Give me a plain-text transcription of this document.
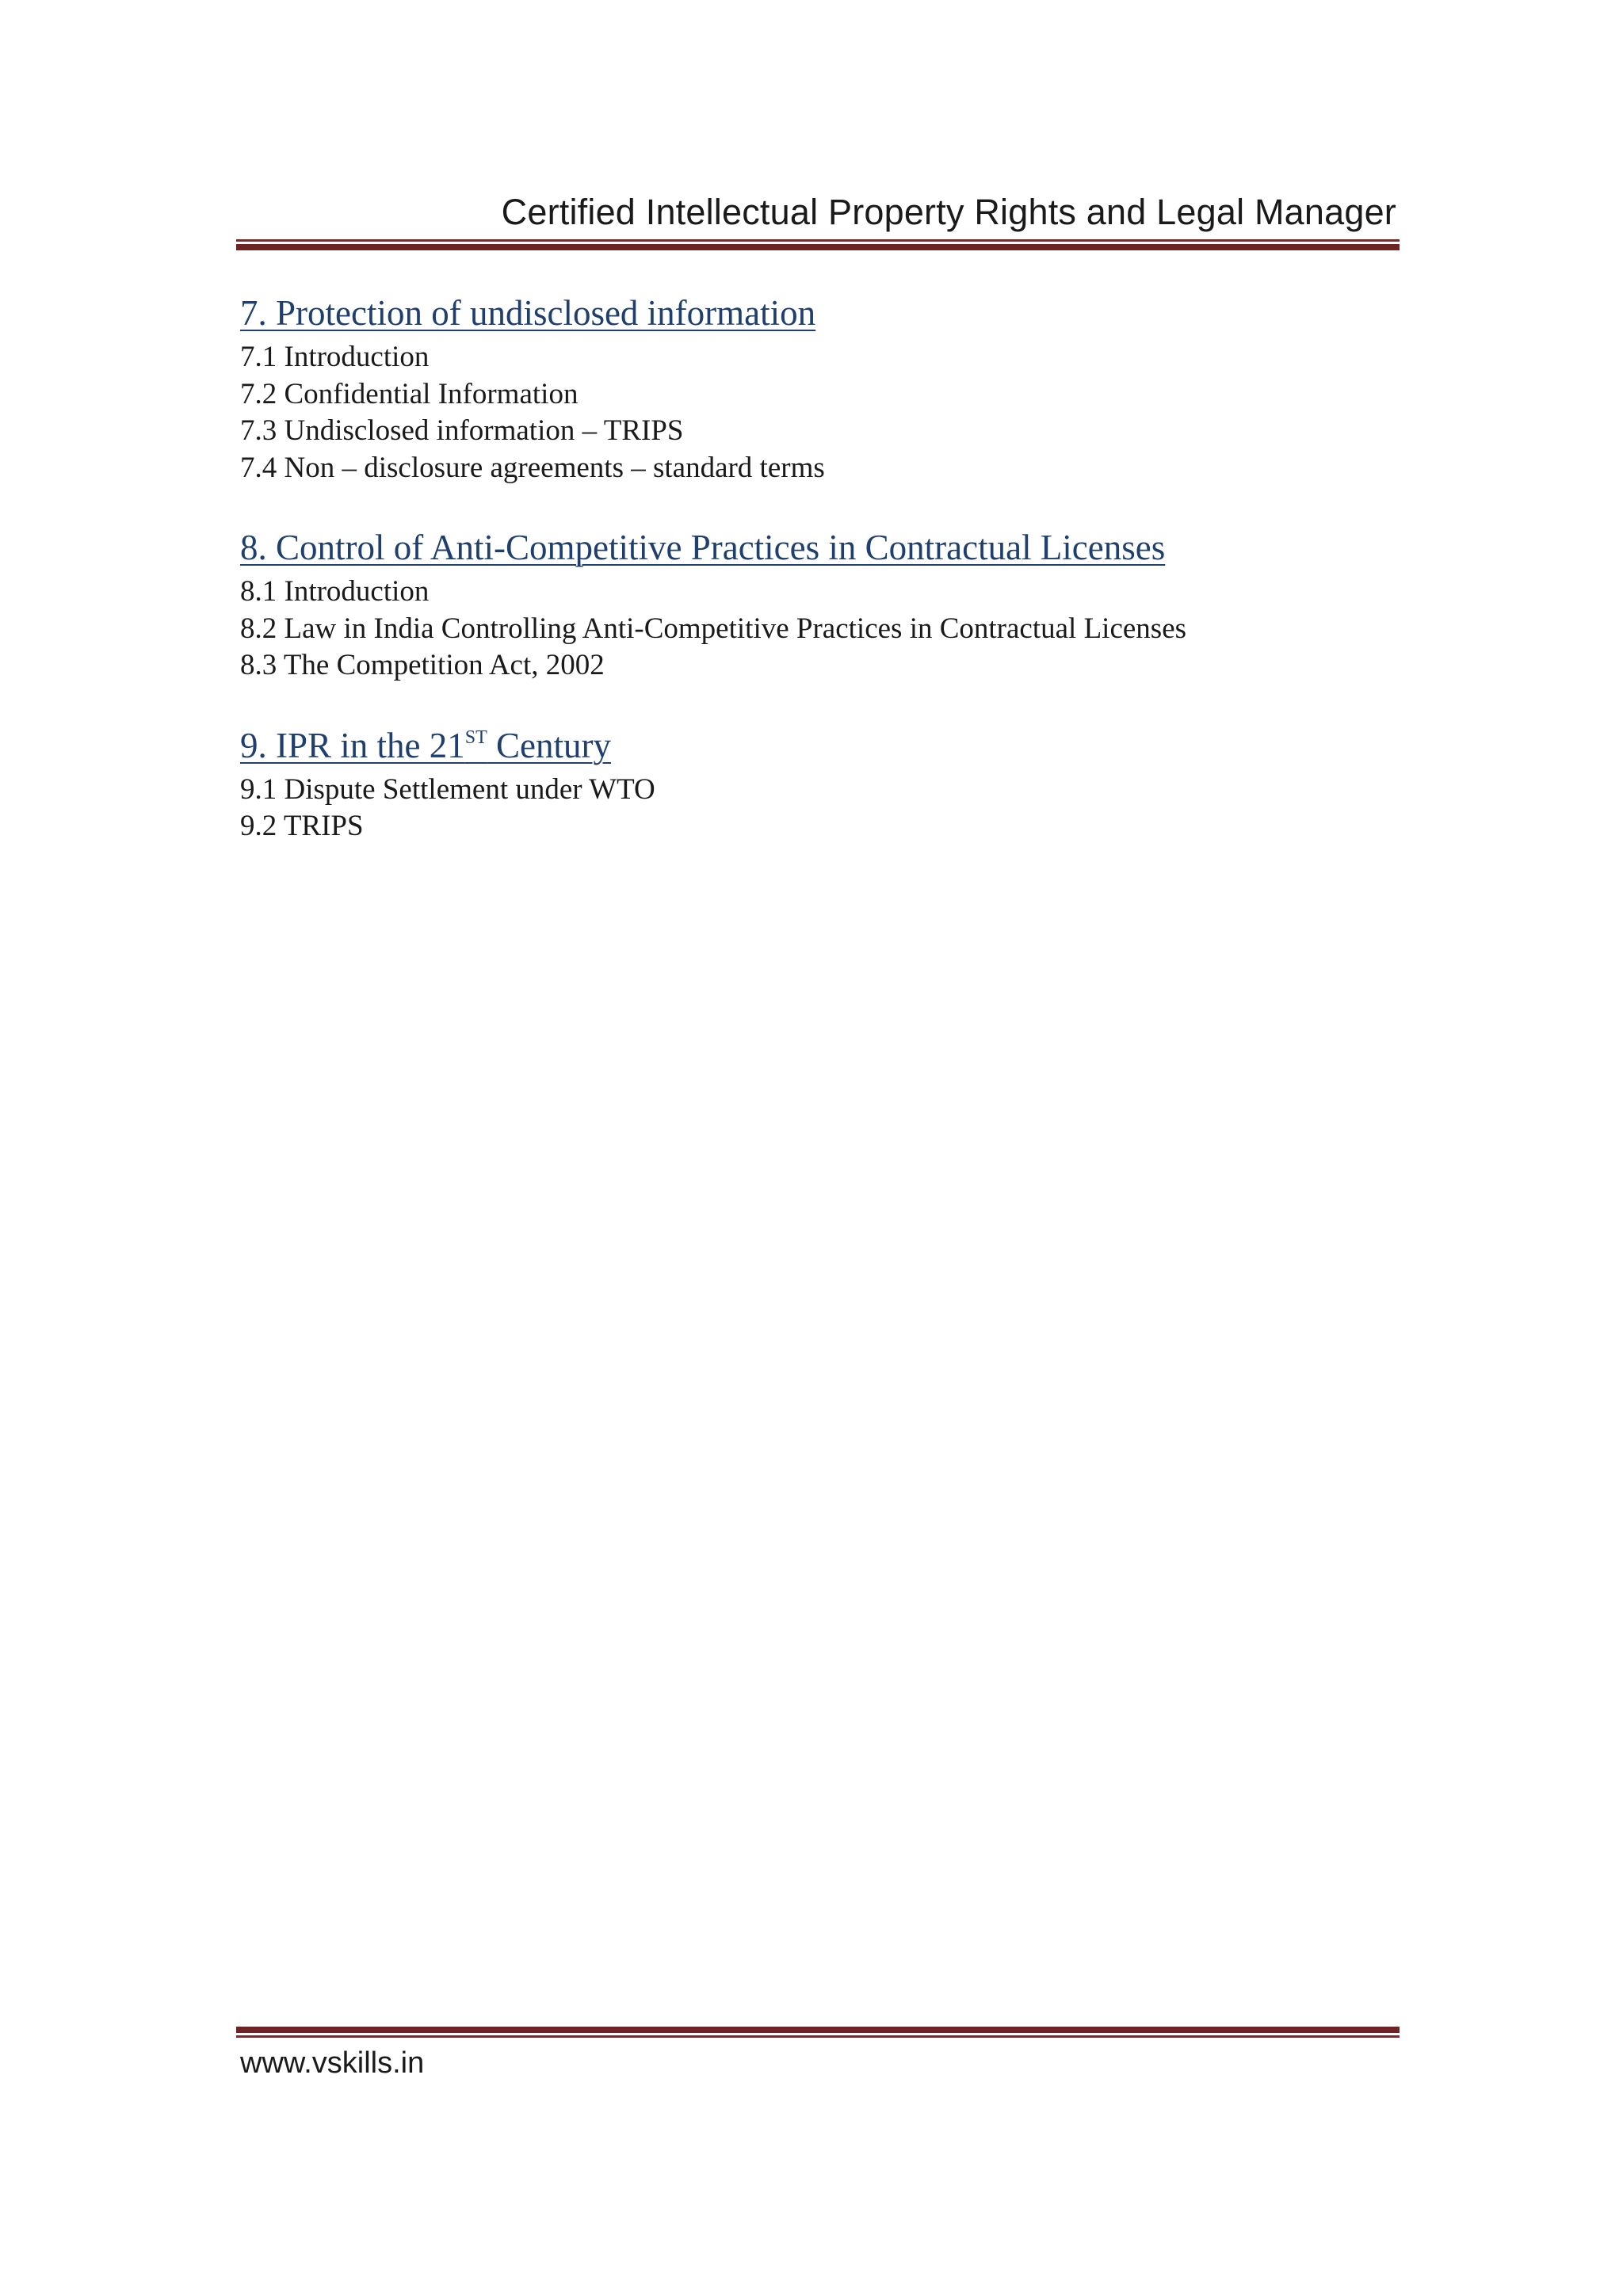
Certified Intellectual Property Rights and Legal Manager
7. Protection of undisclosed information

7.1 Introduction

7.2 Confidential Information

7.3 Undisclosed information – TRIPS

7.4 Non – disclosure agreements – standard terms

8. Control of Anti-Competitive Practices in Contractual Licenses

8.1 Introduction

8.2 Law in India Controlling Anti-Competitive Practices in Contractual Licenses

8.3 The Competition Act, 2002

9. IPR in the 21ST Century

9.1 Dispute Settlement under WTO

9.2 TRIPS

www.vskills.in
